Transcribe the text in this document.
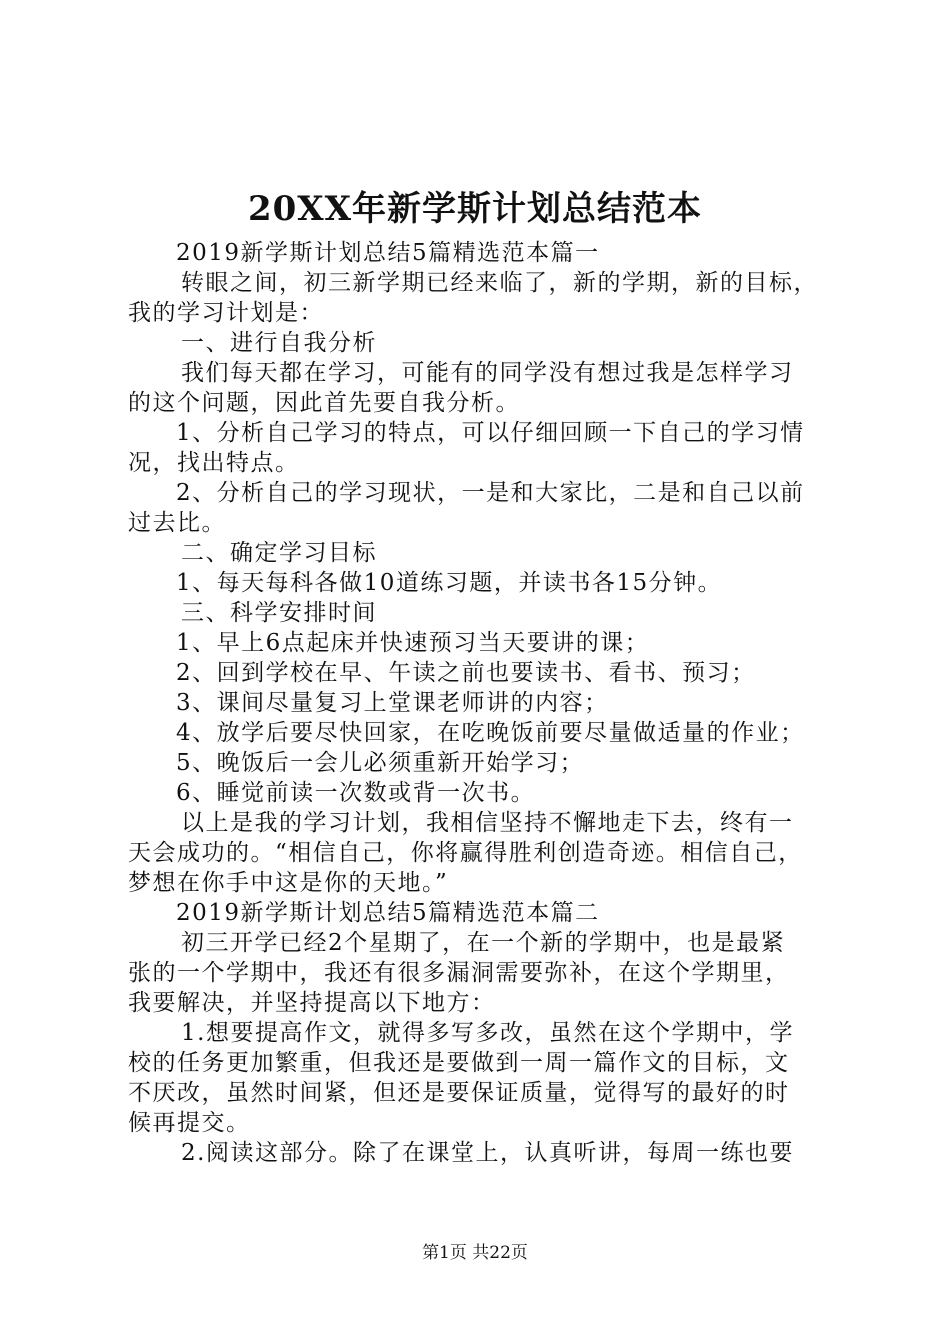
20XX年新学斯计划总结范本
2019新学斯计划总结5篇精选范本篇一
转眼之间，初三新学期已经来临了，新的学期，新的目标，
我的学习计划是：
一、进行自我分析
我们每天都在学习，可能有的同学没有想过我是怎样学习
的这个问题，因此首先要自我分析。
1、分析自己学习的特点，可以仔细回顾一下自己的学习情
况，找出特点。
2、分析自己的学习现状，一是和大家比，二是和自己以前
过去比。
二、确定学习目标
1、每天每科各做10道练习题，并读书各15分钟。
三、科学安排时间
1、早上6点起床并快速预习当天要讲的课；
2、回到学校在早、午读之前也要读书、看书、预习；
3、课间尽量复习上堂课老师讲的内容；
4、放学后要尽快回家，在吃晚饭前要尽量做适量的作业；
5、晚饭后一会儿必须重新开始学习；
6、睡觉前读一次数或背一次书。
以上是我的学习计划，我相信坚持不懈地走下去，终有一
天会成功的。“相信自己，你将赢得胜利创造奇迹。相信自己，
梦想在你手中这是你的天地。”
2019新学斯计划总结5篇精选范本篇二
初三开学已经2个星期了，在一个新的学期中，也是最紧
张的一个学期中，我还有很多漏洞需要弥补，在这个学期里，
我要解决，并坚持提高以下地方：
1.想要提高作文，就得多写多改，虽然在这个学期中，学
校的任务更加繁重，但我还是要做到一周一篇作文的目标，文
不厌改，虽然时间紧，但还是要保证质量，觉得写的最好的时
候再提交。
2.阅读这部分。除了在课堂上，认真听讲，每周一练也要
第1页 共22页
